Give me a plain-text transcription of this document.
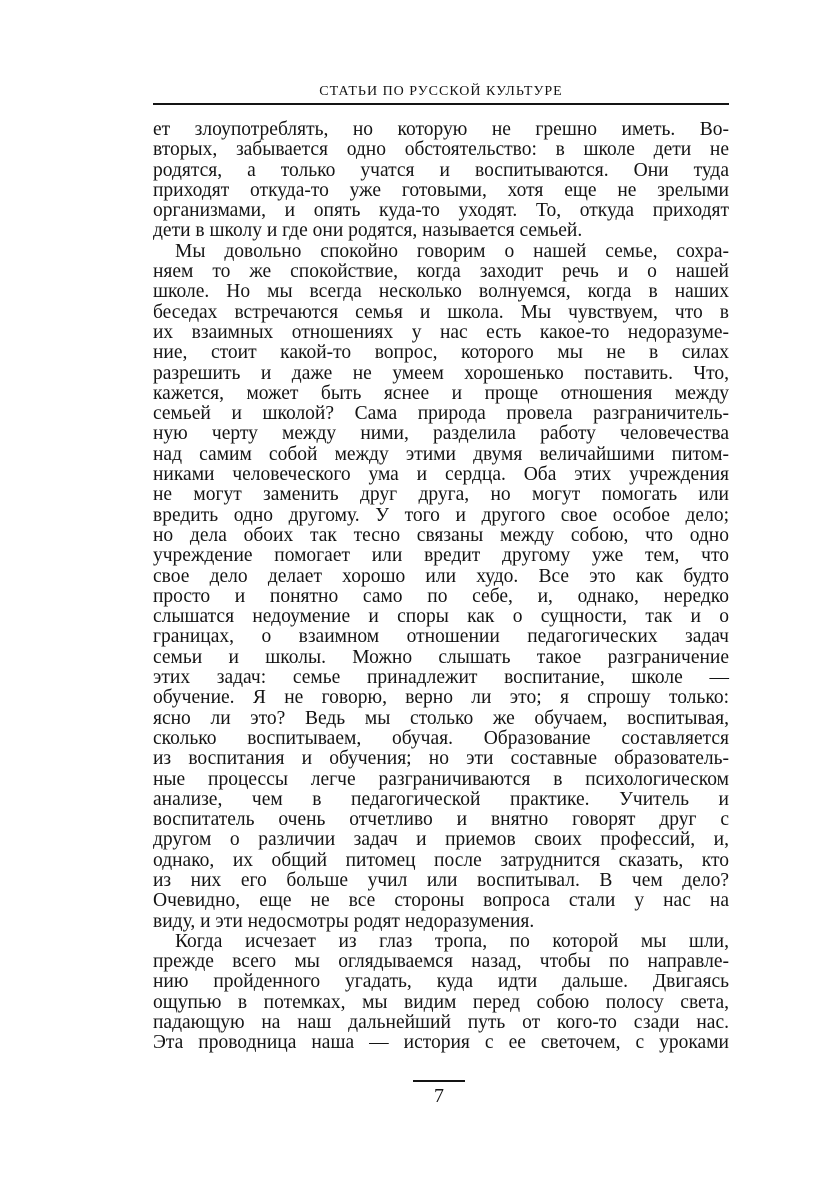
СТАТЬИ ПО РУССКОЙ КУЛЬТУРЕ
ет злоупотреблять, но которую не грешно иметь. Во-
вторых, забывается одно обстоятельство: в школе дети не
родятся, а только учатся и воспитываются. Они туда
приходят откуда-то уже готовыми, хотя еще не зрелыми
организмами, и опять куда-то уходят. То, откуда приходят
дети в школу и где они родятся, называется семьей.
Мы довольно спокойно говорим о нашей семье, сохра-
няем то же спокойствие, когда заходит речь и о нашей
школе. Но мы всегда несколько волнуемся, когда в наших
беседах встречаются семья и школа. Мы чувствуем, что в
их взаимных отношениях у нас есть какое-то недоразуме-
ние, стоит какой-то вопрос, которого мы не в силах
разрешить и даже не умеем хорошенько поставить. Что,
кажется, может быть яснее и проще отношения между
семьей и школой? Сама природа провела разграничитель-
ную черту между ними, разделила работу человечества
над самим собой между этими двумя величайшими питом-
никами человеческого ума и сердца. Оба этих учреждения
не могут заменить друг друга, но могут помогать или
вредить одно другому. У того и другого свое особое дело;
но дела обоих так тесно связаны между собою, что одно
учреждение помогает или вредит другому уже тем, что
свое дело делает хорошо или худо. Все это как будто
просто и понятно само по себе, и, однако, нередко
слышатся недоумение и споры как о сущности, так и о
границах, о взаимном отношении педагогических задач
семьи и школы. Можно слышать такое разграничение
этих задач: семье принадлежит воспитание, школе —
обучение. Я не говорю, верно ли это; я спрошу только:
ясно ли это? Ведь мы столько же обучаем, воспитывая,
сколько воспитываем, обучая. Образование составляется
из воспитания и обучения; но эти составные образователь-
ные процессы легче разграничиваются в психологическом
анализе, чем в педагогической практике. Учитель и
воспитатель очень отчетливо и внятно говорят друг с
другом о различии задач и приемов своих профессий, и,
однако, их общий питомец после затруднится сказать, кто
из них его больше учил или воспитывал. В чем дело?
Очевидно, еще не все стороны вопроса стали у нас на
виду, и эти недосмотры родят недоразумения.
Когда исчезает из глаз тропа, по которой мы шли,
прежде всего мы оглядываемся назад, чтобы по направле-
нию пройденного угадать, куда идти дальше. Двигаясь
ощупью в потемках, мы видим перед собою полосу света,
падающую на наш дальнейший путь от кого-то сзади нас.
Эта проводница наша — история с ее светочем, с уроками
7
